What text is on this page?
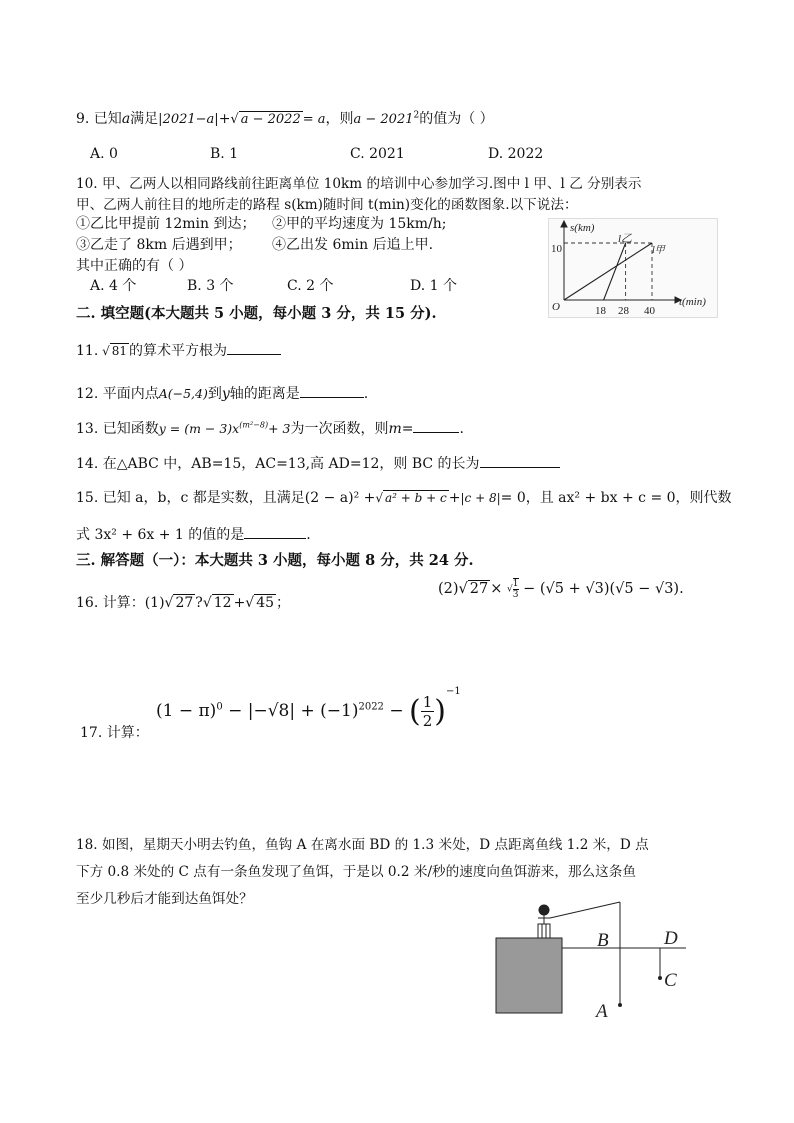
9. 已知a满足|2021−a|+√ a − 2022 = a，则$a - 2021^2$的值为（ ）
A. 0	B. 1	C. 2021	D. 2022
10. 甲、乙两人以相同路线前往距离单位 10km 的培训中心参加学习.图中 l 甲、l 乙 分别表示
甲、乙两人前往目的地所走的路程 s(km)随时间 t(min)变化的函数图象.以下说法：
①乙比甲提前 12min 到达； ②甲的平均速度为 15km/h;
③乙走了 8km 后遇到甲； ④乙出发 6min 后追上甲.
其中正确的有（ ）
A. 4 个	B. 3 个	C. 2 个	D. 1 个
s(km)
t(min)
O
10
18 28 40
l乙
l甲
二. 填空题(本大题共 5 小题，每小题 3 分，共 15 分).
11. √ 81 的算术平方根为
12. 平面内点A(−5,4)到y轴的距离是	.
13. 已知函数$y = (m - 3)x^{(m^2-8)}+ 3$为一次函数，则m=	.
14. 在△ABC 中，AB=15，AC=13,高 AD=12，则 BC 的长为
15. 已知 a，b，c 都是实数，且满足(2 − a)² +√ a² + b + c +|c + 8|= 0，且 ax² + bx + c = 0，则代数
式 3x² + 6x + 1 的值的是	.
三. 解答题（一）：本大题共 3 小题，每小题 8 分，共 24 分.
16. 计算：(1)√ 27 ?√ 12 +√ 45 ；
(2)√ 27 × √ $\frac{1}{3} - (√5 + √3)(√5 - √3)$.
17. 计算：
$(1 - \pi)^0 - |-√8| + (-1)^{2022}$ − ( $\frac{1}{2} )^{-1}$
18. 如图，星期天小明去钓鱼，鱼钩 A 在离水面 BD 的 1.3 米处，D 点距离鱼线 1.2 米，D 点
下方 0.8 米处的 C 点有一条鱼发现了鱼饵，于是以 0.2 米/秒的速度向鱼饵游来，那么这条鱼
至少几秒后才能到达鱼饵处？
B	D
C
A
